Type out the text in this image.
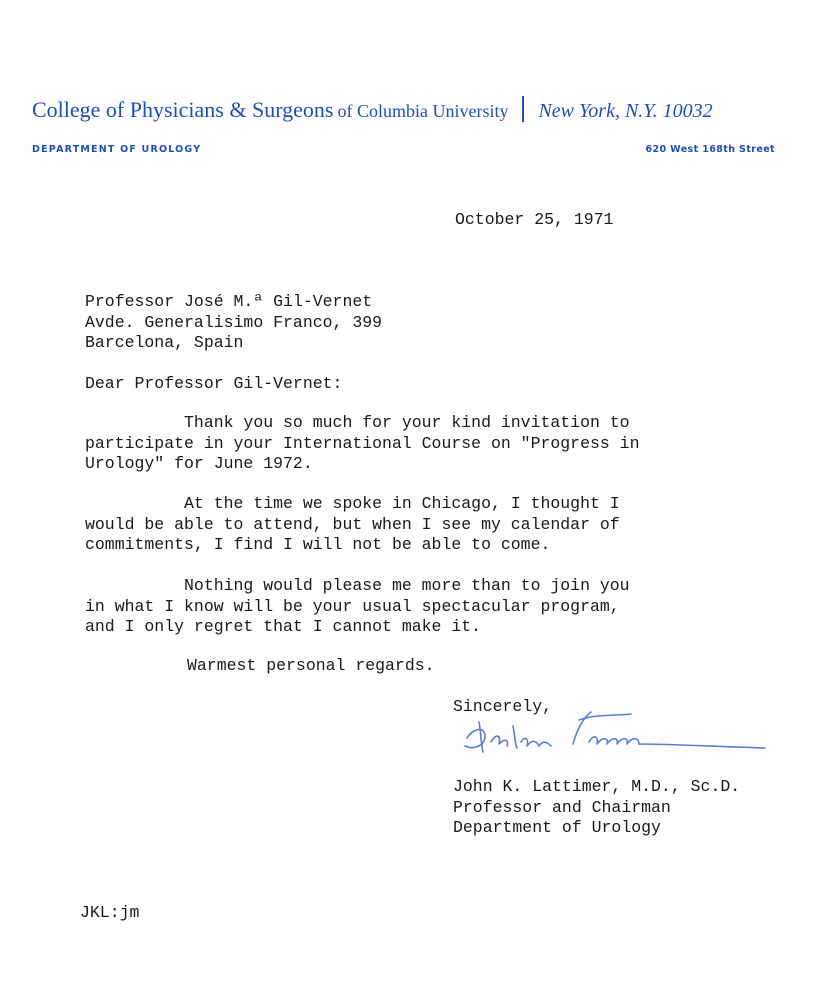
College of Physicians & Surgeons of Columbia University New York, N.Y. 10032
DEPARTMENT OF UROLOGY	620 West 168th Street
October 25, 1971
Professor José M.ª Gil-Vernet
Avde. Generalisimo Franco, 399
Barcelona, Spain
Dear Professor Gil-Vernet:
Thank you so much for your kind invitation to
participate in your International Course on "Progress in
Urology" for June 1972.
At the time we spoke in Chicago, I thought I
would be able to attend, but when I see my calendar of
commitments, I find I will not be able to come.
Nothing would please me more than to join you
in what I know will be your usual spectacular program,
and I only regret that I cannot make it.
Warmest personal regards.
Sincerely,
John K. Lattimer, M.D., Sc.D.
Professor and Chairman
Department of Urology
JKL:jm
